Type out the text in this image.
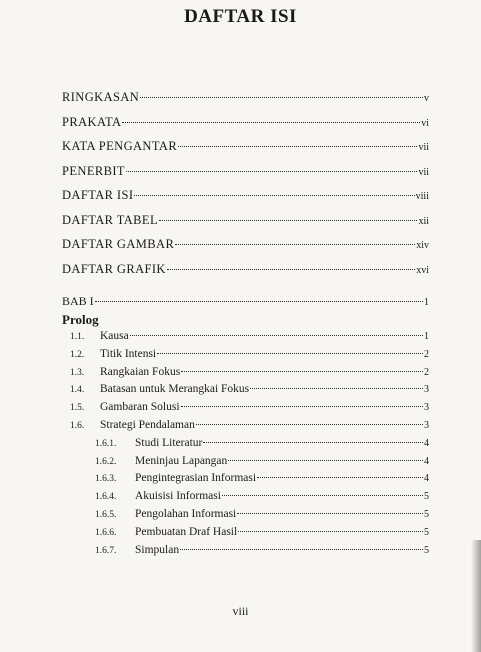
DAFTAR ISI
RINGKASAN	v
PRAKATA	vi
KATA PENGANTAR	vii
PENERBIT	vii
DAFTAR ISI	viii
DAFTAR TABEL	xii
DAFTAR GAMBAR	xiv
DAFTAR GRAFIK	xvi
BAB I	1
Prolog
1.1.	Kausa	1
1.2.	Titik Intensi	2
1.3.	Rangkaian Fokus	2
1.4.	Batasan untuk Merangkai Fokus	3
1.5.	Gambaran Solusi	3
1.6.	Strategi Pendalaman	3
1.6.1.	Studi Literatur	4
1.6.2.	Meninjau Lapangan	4
1.6.3.	Pengintegrasian Informasi	4
1.6.4.	Akuisisi Informasi	5
1.6.5.	Pengolahan Informasi	5
1.6.6.	Pembuatan Draf Hasil	5
1.6.7.	Simpulan	5
viii
